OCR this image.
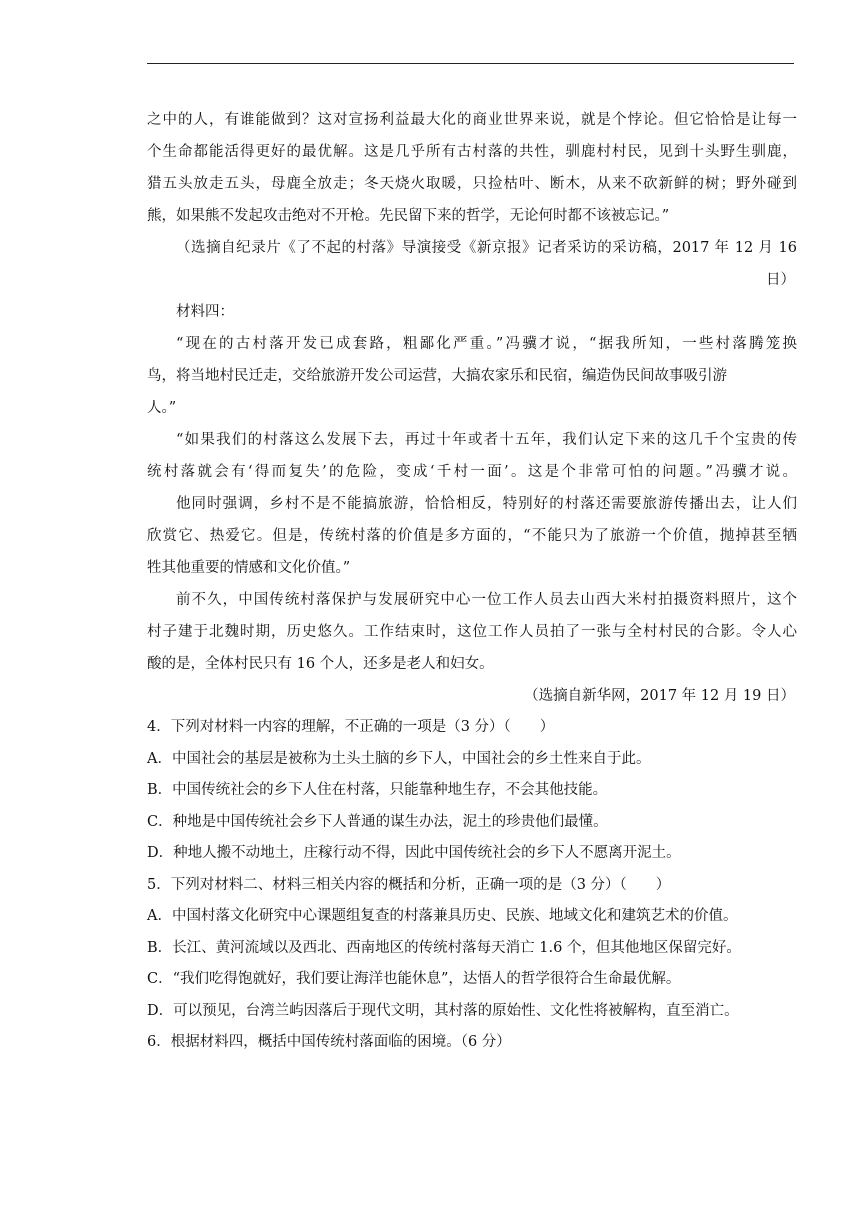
之中的人，有谁能做到？这对宣扬利益最大化的商业世界来说，就是个悖论。但它恰恰是让每一
个生命都能活得更好的最优解。这是几乎所有古村落的共性，驯鹿村村民，见到十头野生驯鹿，
猎五头放走五头，母鹿全放走；冬天烧火取暖，只捡枯叶、断木，从来不砍新鲜的树；野外碰到
熊，如果熊不发起攻击绝对不开枪。先民留下来的哲学，无论何时都不该被忘记。”
（选摘自纪录片《了不起的村落》导演接受《新京报》记者采访的采访稿，2017 年 12 月 16
日）
材料四：
“现在的古村落开发已成套路，粗鄙化严重。”冯骥才说，“据我所知，一些村落腾笼换
鸟，将当地村民迁走，交给旅游开发公司运营，大搞农家乐和民宿，编造伪民间故事吸引游
人。”
“如果我们的村落这么发展下去，再过十年或者十五年，我们认定下来的这几千个宝贵的传
统村落就会有‘得而复失’的危险，变成‘千村一面’。这是个非常可怕的问题。”冯骥才说。
他同时强调，乡村不是不能搞旅游，恰恰相反，特别好的村落还需要旅游传播出去，让人们
欣赏它、热爱它。但是，传统村落的价值是多方面的，“不能只为了旅游一个价值，抛掉甚至牺
牲其他重要的情感和文化价值。”
前不久，中国传统村落保护与发展研究中心一位工作人员去山西大米村拍摄资料照片，这个
村子建于北魏时期，历史悠久。工作结束时，这位工作人员拍了一张与全村村民的合影。令人心
酸的是，全体村民只有 16 个人，还多是老人和妇女。
（选摘自新华网，2017 年 12 月 19 日）
4．下列对材料一内容的理解，不正确的一项是（3 分）（　　）
A．中国社会的基层是被称为土头土脑的乡下人，中国社会的乡土性来自于此。
B．中国传统社会的乡下人住在村落，只能靠种地生存，不会其他技能。
C．种地是中国传统社会乡下人普通的谋生办法，泥土的珍贵他们最懂。
D．种地人搬不动地土，庄稼行动不得，因此中国传统社会的乡下人不愿离开泥土。
5．下列对材料二、材料三相关内容的概括和分析，正确一项的是（3 分）（　　）
A．中国村落文化研究中心课题组复查的村落兼具历史、民族、地域文化和建筑艺术的价值。
B．长江、黄河流域以及西北、西南地区的传统村落每天消亡 1.6 个，但其他地区保留完好。
C．“我们吃得饱就好，我们要让海洋也能休息”，达悟人的哲学很符合生命最优解。
D．可以预见，台湾兰屿因落后于现代文明，其村落的原始性、文化性将被解构，直至消亡。
6．根据材料四，概括中国传统村落面临的困境。（6 分）
